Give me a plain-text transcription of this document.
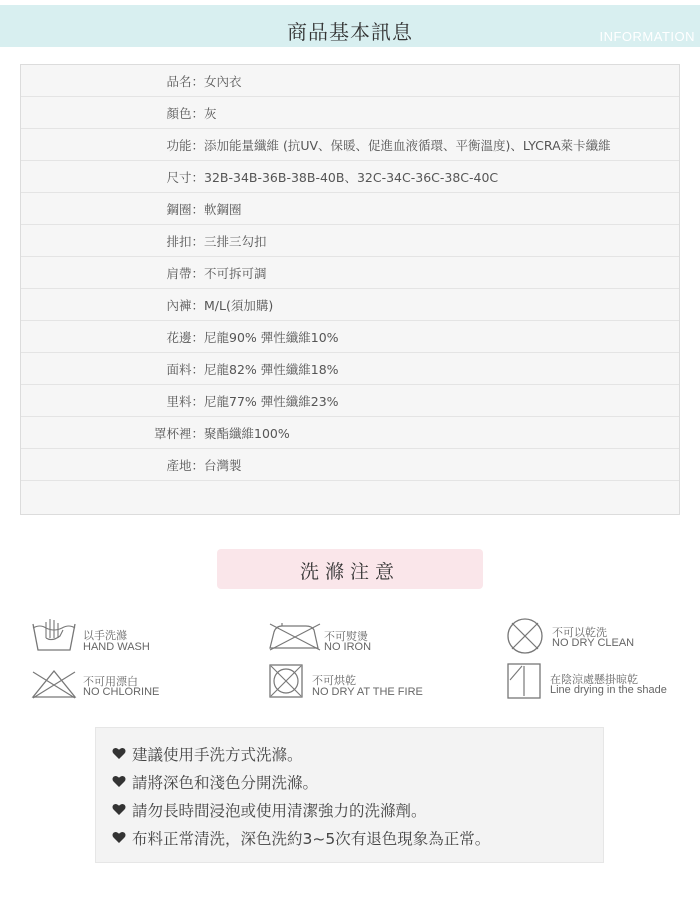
商品基本訊息	INFORMATION
品名： 女內衣
顏色： 灰
功能： 添加能量纖維 (抗UV、保暖、促進血液循環、平衡溫度)、LYCRA萊卡纖維
尺寸： 32B-34B-36B-38B-40B、32C-34C-36C-38C-40C
鋼圈： 軟鋼圈
排扣： 三排三勾扣
肩帶： 不可拆可調
內褲： M/L(須加購)
花邊： 尼龍90% 彈性纖維10%
面料： 尼龍82% 彈性纖維18%
里料： 尼龍77% 彈性纖維23%
罩杯裡： 聚酯纖維100%
產地： 台灣製
洗滌注意
以手洗滌
HAND WASH
不可熨燙
NO IRON
不可以乾洗
NO DRY CLEAN
不可用漂白
NO CHLORINE
不可烘乾
NO DRY AT THE FIRE
在陰涼處懸掛晾乾
Line drying in the shade
建議使用手洗方式洗滌。
請將深色和淺色分開洗滌。
請勿長時間浸泡或使用清潔強力的洗滌劑。
布料正常清洗，深色洗約3~5次有退色現象為正常。
